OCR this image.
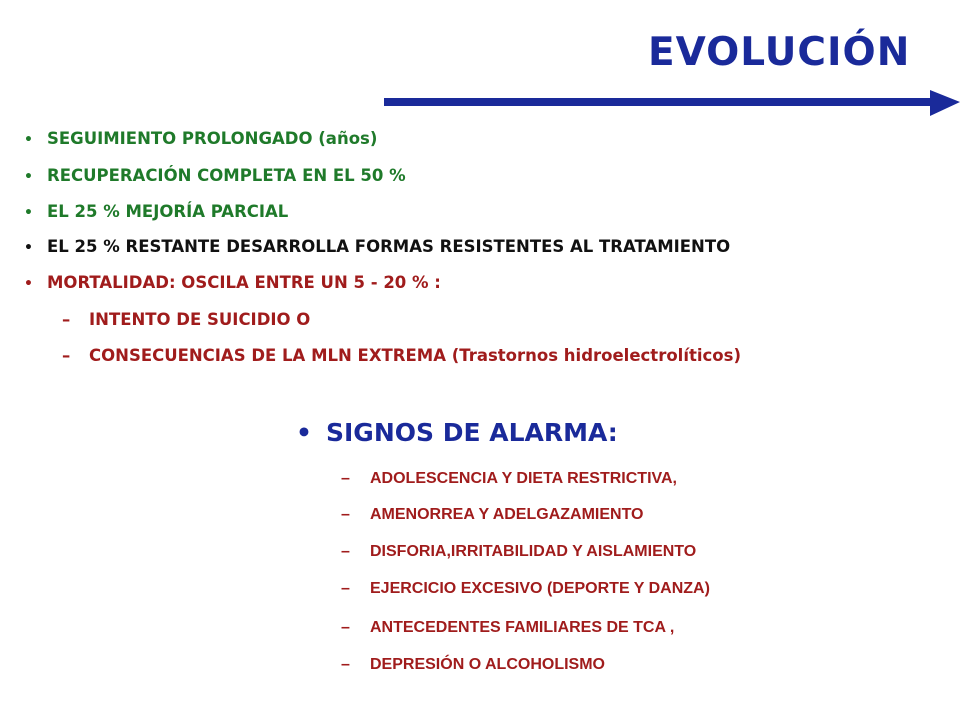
EVOLUCIÓN
• SEGUIMIENTO PROLONGADO (años)
• RECUPERACIÓN COMPLETA EN EL 50 %
• EL 25 % MEJORÍA PARCIAL
• EL 25 % RESTANTE DESARROLLA FORMAS RESISTENTES AL TRATAMIENTO
• MORTALIDAD: OSCILA ENTRE UN 5 - 20 % :
– INTENTO DE SUICIDIO O
– CONSECUENCIAS DE LA MLN EXTREMA (Trastornos hidroelectrolíticos)
• SIGNOS DE ALARMA:
– ADOLESCENCIA Y DIETA RESTRICTIVA,
– AMENORREA Y ADELGAZAMIENTO
– DISFORIA,IRRITABILIDAD Y AISLAMIENTO
– EJERCICIO EXCESIVO (DEPORTE Y DANZA)
– ANTECEDENTES FAMILIARES DE TCA ,
– DEPRESIÓN O ALCOHOLISMO
